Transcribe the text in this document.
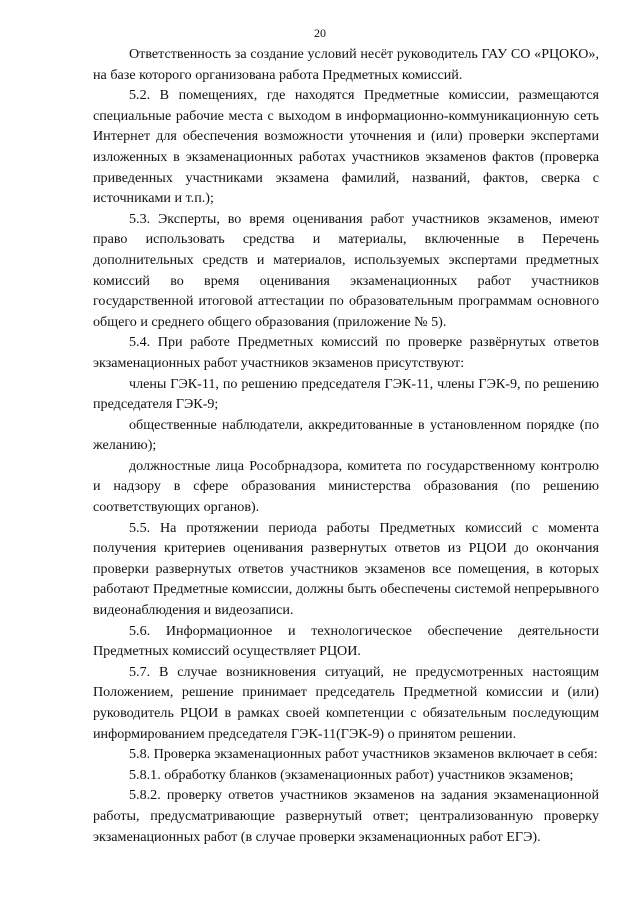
20

Ответственность за создание условий несёт руководитель ГАУ СО «РЦОКО», на базе которого организована работа Предметных комиссий.

5.2. В помещениях, где находятся Предметные комиссии, размещаются специальные рабочие места с выходом в информационно-коммуникационную сеть Интернет для обеспечения возможности уточнения и (или) проверки экспертами изложенных в экзаменационных работах участников экзаменов фактов (проверка приведенных участниками экзамена фамилий, названий, фактов, сверка с источниками и т.п.);

5.3. Эксперты, во время оценивания работ участников экзаменов, имеют право использовать средства и материалы, включенные в Перечень дополнительных средств и материалов, используемых экспертами предметных комиссий во время оценивания экзаменационных работ участников государственной итоговой аттестации по образовательным программам основного общего и среднего общего образования (приложение № 5).

5.4. При работе Предметных комиссий по проверке развёрнутых ответов экзаменационных работ участников экзаменов присутствуют:

члены ГЭК-11, по решению председателя ГЭК-11, члены ГЭК-9, по решению председателя ГЭК-9;

общественные наблюдатели, аккредитованные в установленном порядке (по желанию);

должностные лица Рособрнадзора, комитета по государственному контролю и надзору в сфере образования министерства образования (по решению соответствующих органов).

5.5. На протяжении периода работы Предметных комиссий с момента получения критериев оценивания развернутых ответов из РЦОИ до окончания проверки развернутых ответов участников экзаменов все помещения, в которых работают Предметные комиссии, должны быть обеспечены системой непрерывного видеонаблюдения и видеозаписи.

5.6. Информационное и технологическое обеспечение деятельности Предметных комиссий осуществляет РЦОИ.

5.7. В случае возникновения ситуаций, не предусмотренных настоящим Положением, решение принимает председатель Предметной комиссии и (или) руководитель РЦОИ в рамках своей компетенции с обязательным последующим информированием председателя ГЭК-11(ГЭК-9) о принятом решении.

5.8. Проверка экзаменационных работ участников экзаменов включает в себя:

5.8.1. обработку бланков (экзаменационных работ) участников экзаменов;

5.8.2. проверку ответов участников экзаменов на задания экзаменационной работы, предусматривающие развернутый ответ; централизованную проверку экзаменационных работ (в случае проверки экзаменационных работ ЕГЭ).
